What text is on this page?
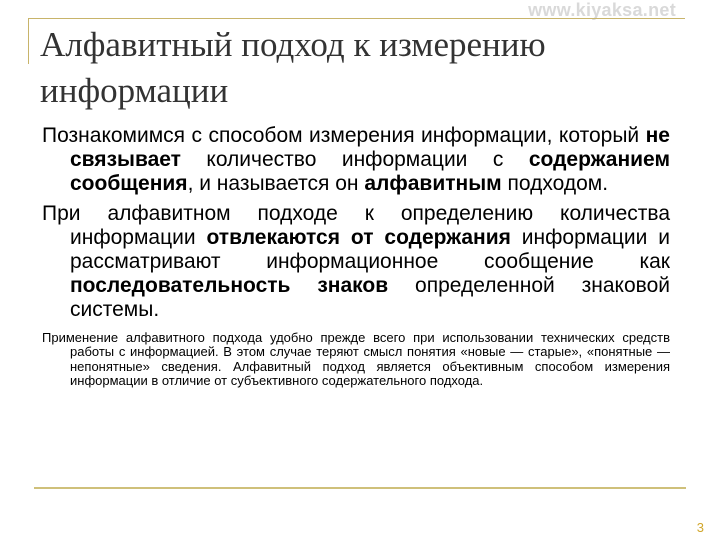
www.kiyaksa.net
Алфавитный подход к измерению информации

Познакомимся с способом измерения информации, который не связывает количество информации с содержанием сообщения, и называется он алфавитным подходом.

При алфавитном подходе к определению количества информации отвлекаются от содержания информации и рассматривают информационное сообщение как последовательность знаков определенной знаковой системы.

Применение алфавитного подхода удобно прежде всего при использовании технических средств работы с информацией. В этом случае теряют смысл понятия «новые — старые», «понятные — непонятные» сведения. Алфавитный подход является объективным способом измерения информации в отличие от субъективного содержательного подхода.

3
